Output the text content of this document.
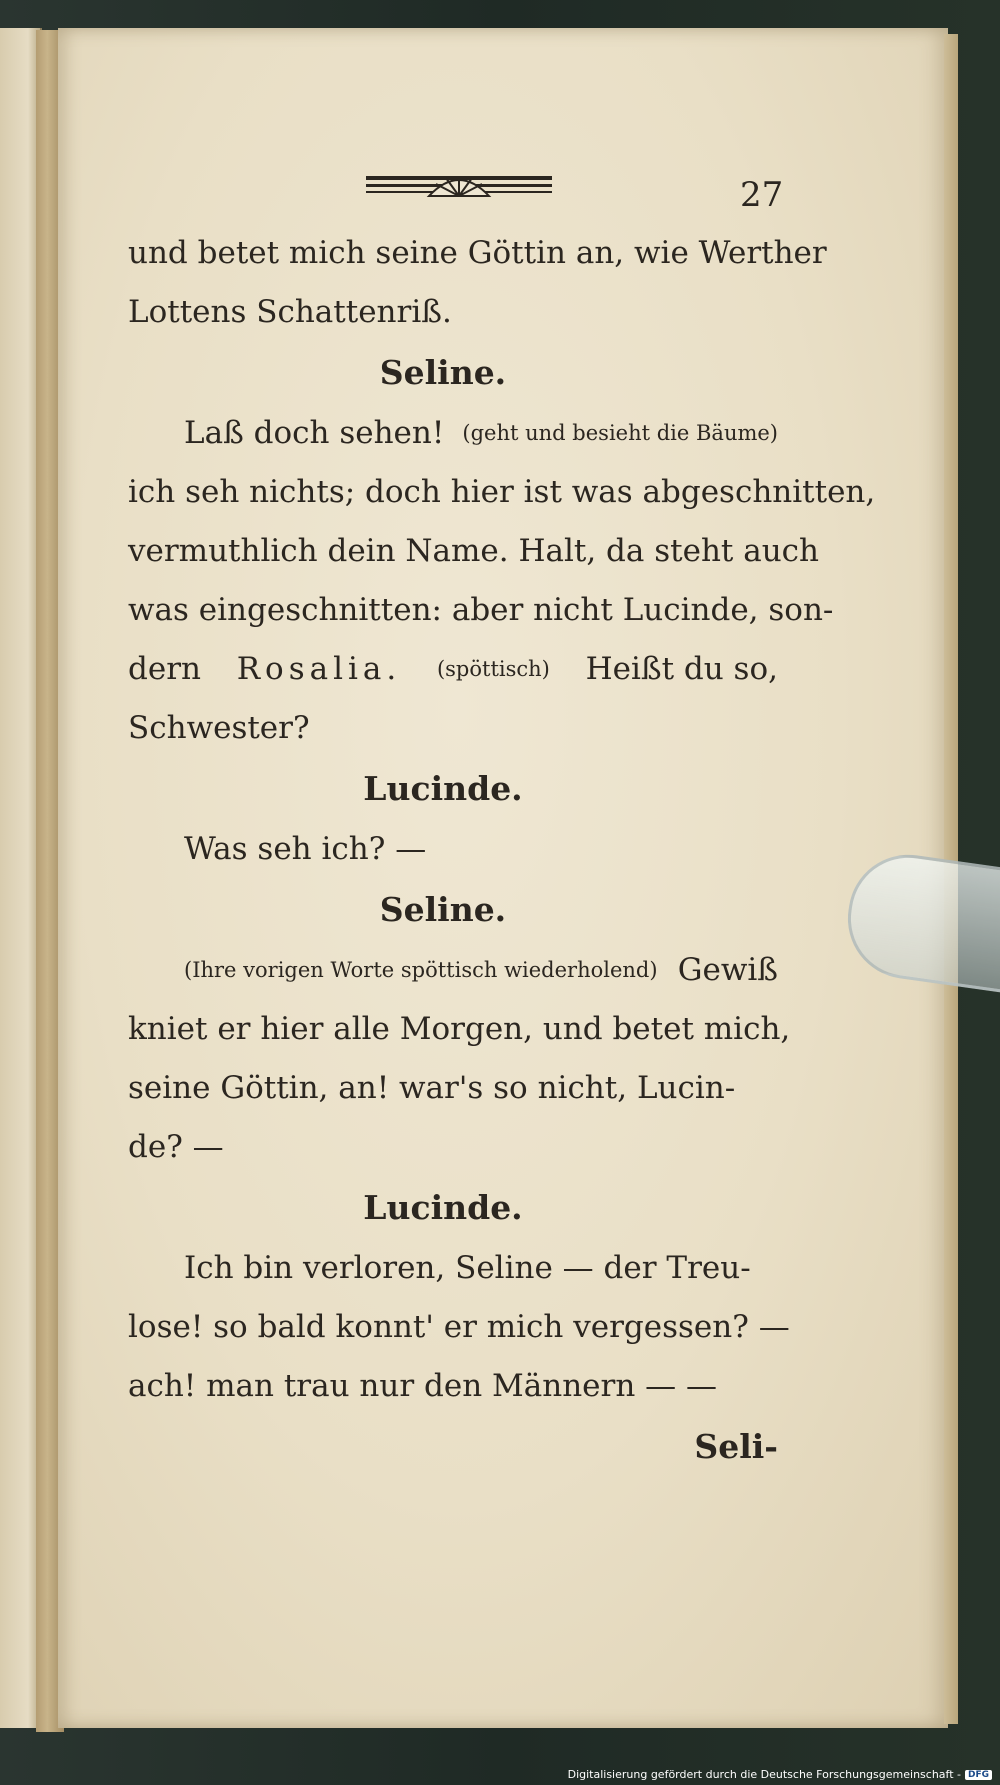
27
und betet mich seine Göttin an, wie Werther
Lottens Schattenriß.
Seline.
Laß doch sehen! (geht und besieht die Bäume)
ich seh nichts; doch hier ist was abgeschnitten,
vermuthlich dein Name. Halt, da steht auch
was eingeschnitten: aber nicht Lucinde, son-
dern Rosalia. (spöttisch) Heißt du so,
Schwester?
Lucinde.
Was seh ich? —
Seline.
(Ihre vorigen Worte spöttisch wiederholend) Gewiß
kniet er hier alle Morgen, und betet mich,
seine Göttin, an! war's so nicht, Lucin-
de? —
Lucinde.
Ich bin verloren, Seline — der Treu-
lose! so bald konnt' er mich vergessen? —
ach! man trau nur den Männern — —
Seli-
Digitalisierung gefördert durch die Deutsche Forschungsgemeinschaft - DFG
